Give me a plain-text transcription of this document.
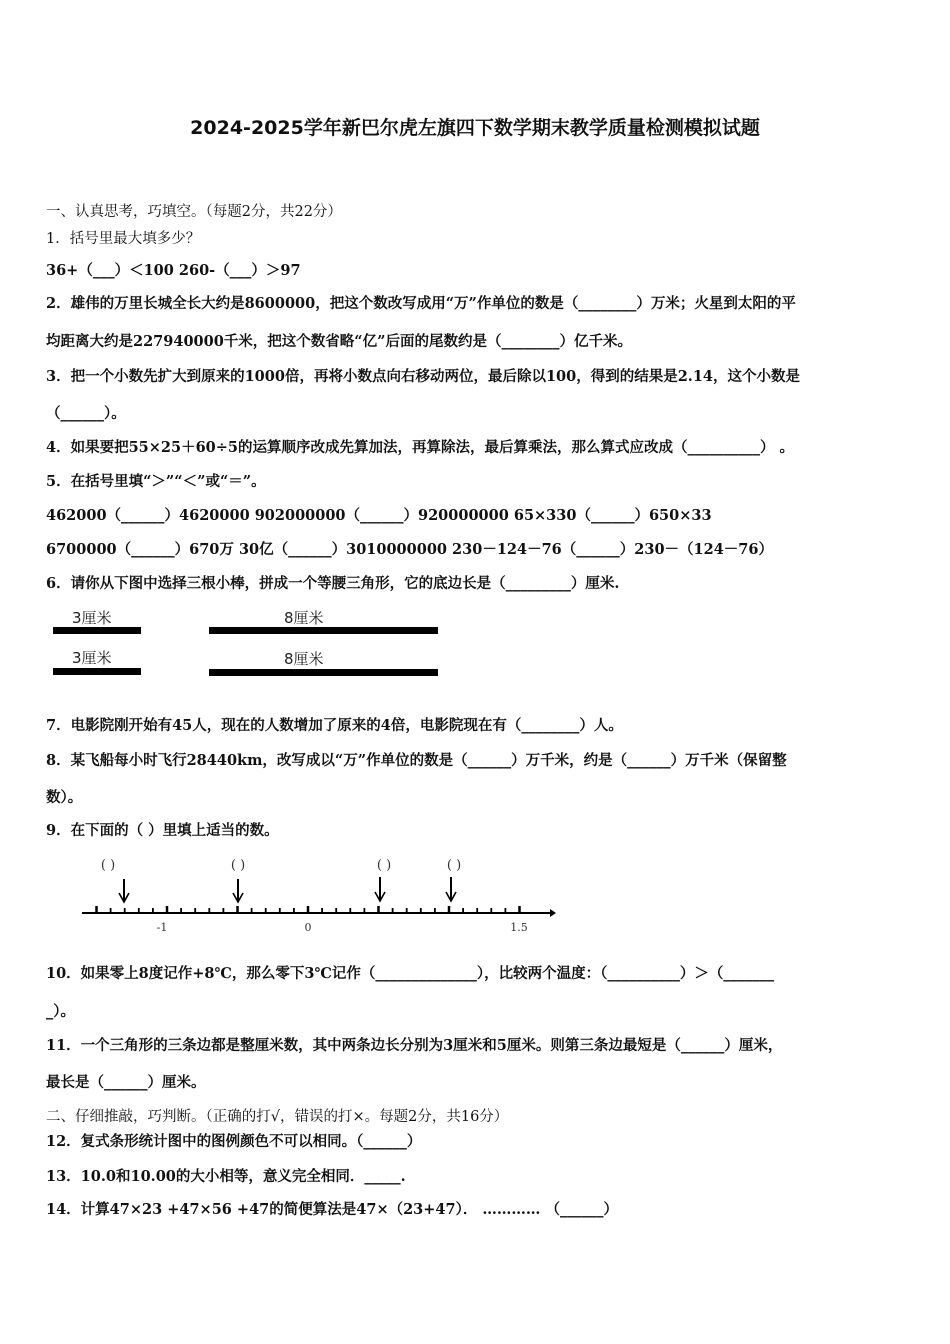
2024-2025学年新巴尔虎左旗四下数学期末教学质量检测模拟试题
一、认真思考，巧填空。（每题2分，共22分）
1．括号里最大填多少？
36+（___）＜100 260-（___）＞97
2．雄伟的万里长城全长大约是8600000，把这个数改写成用“万”作单位的数是（________）万米；火星到太阳的平
均距离大约是227940000千米，把这个数省略“亿”后面的尾数约是（________）亿千米。
3．把一个小数先扩大到原来的1000倍，再将小数点向右移动两位，最后除以100，得到的结果是2.14，这个小数是
（______）。
4．如果要把55×25＋60÷5的运算顺序改成先算加法，再算除法，最后算乘法，那么算式应改成（__________） 。
5．在括号里填“＞”“＜”或“＝”。
462000（______）4620000 902000000（______）920000000 65×330（______）650×33
6700000（______）670万 30亿（______）3010000000 230－124－76（______）230－（124－76）
6．请你从下图中选择三根小棒，拼成一个等腰三角形，它的底边长是（_________）厘米.
3厘米	8厘米
3厘米	8厘米
7．电影院刚开始有45人，现在的人数增加了原来的4倍，电影院现在有（________）人。
8．某飞船每小时飞行28440km，改写成以“万”作单位的数是（______）万千米，约是（______）万千米（保留整
数）。
9．在下面的（ ）里填上适当的数。
( )	( )	( )	( )
-1	0	1.5
10．如果零上8度记作+8℃，那么零下3℃记作（______________），比较两个温度：（__________）＞（_______
_）。
11．一个三角形的三条边都是整厘米数，其中两条边长分别为3厘米和5厘米。则第三条边最短是（______）厘米，
最长是（______）厘米。
二、仔细推敲，巧判断。（正确的打√，错误的打×。每题2分，共16分）
12．复式条形统计图中的图例颜色不可以相同。（______）
13．10.0和10.00的大小相等，意义完全相同．_____.
14．计算47×23 +47×56 +47的简便算法是47×（23+47）． ………… （______）
